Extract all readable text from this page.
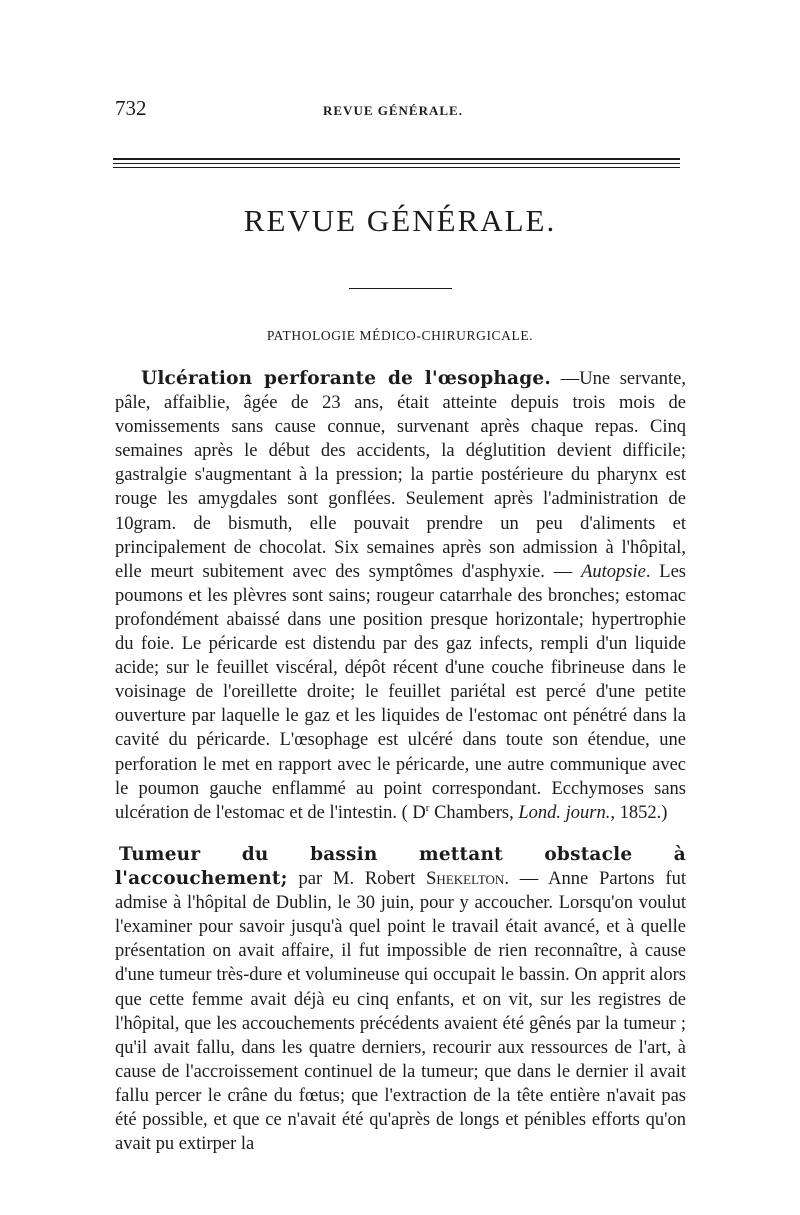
732	REVUE GÉNÉRALE.
REVUE GÉNÉRALE.
PATHOLOGIE MÉDICO-CHIRURGICALE.

Ulcération perforante de l'œsophage. —Une servante, pâle, affaiblie, âgée de 23 ans, était atteinte depuis trois mois de vomissements sans cause connue, survenant après chaque repas. Cinq semaines après le début des accidents, la déglutition devient difficile; gastralgie s'augmentant à la pression; la partie postérieure du pharynx est rouge les amygdales sont gonflées. Seulement après l'administration de 10gram. de bismuth, elle pouvait prendre un peu d'aliments et principalement de chocolat. Six semaines après son admission à l'hôpital, elle meurt subitement avec des symptômes d'asphyxie. — Autopsie. Les poumons et les plèvres sont sains; rougeur catarrhale des bronches; estomac profondément abaissé dans une position presque horizontale; hypertrophie du foie. Le péricarde est distendu par des gaz infects, rempli d'un liquide acide; sur le feuillet viscéral, dépôt récent d'une couche fibrineuse dans le voisinage de l'oreillette droite; le feuillet pariétal est percé d'une petite ouverture par laquelle le gaz et les liquides de l'estomac ont pénétré dans la cavité du péricarde. L'œsophage est ulcéré dans toute son étendue, une perforation le met en rapport avec le péricarde, une autre communique avec le poumon gauche enflammé au point correspondant. Ecchymoses sans ulcération de l'estomac et de l'intestin. ( $D^r$ Chambers, Lond. journ., 1852.)

Tumeur du bassin mettant obstacle à l'accouchement; par M. Robert Shekelton. — Anne Partons fut admise à l'hôpital de Dublin, le 30 juin, pour y accoucher. Lorsqu'on voulut l'examiner pour savoir jusqu'à quel point le travail était avancé, et à quelle présentation on avait affaire, il fut impossible de rien reconnaître, à cause d'une tumeur très-dure et volumineuse qui occupait le bassin. On apprit alors que cette femme avait déjà eu cinq enfants, et on vit, sur les registres de l'hôpital, que les accouchements précédents avaient été gênés par la tumeur ; qu'il avait fallu, dans les quatre derniers, recourir aux ressources de l'art, à cause de l'accroissement continuel de la tumeur; que dans le dernier il avait fallu percer le crâne du fœtus; que l'extraction de la tête entière n'avait pas été possible, et que ce n'avait été qu'après de longs et pénibles efforts qu'on avait pu extirper la
